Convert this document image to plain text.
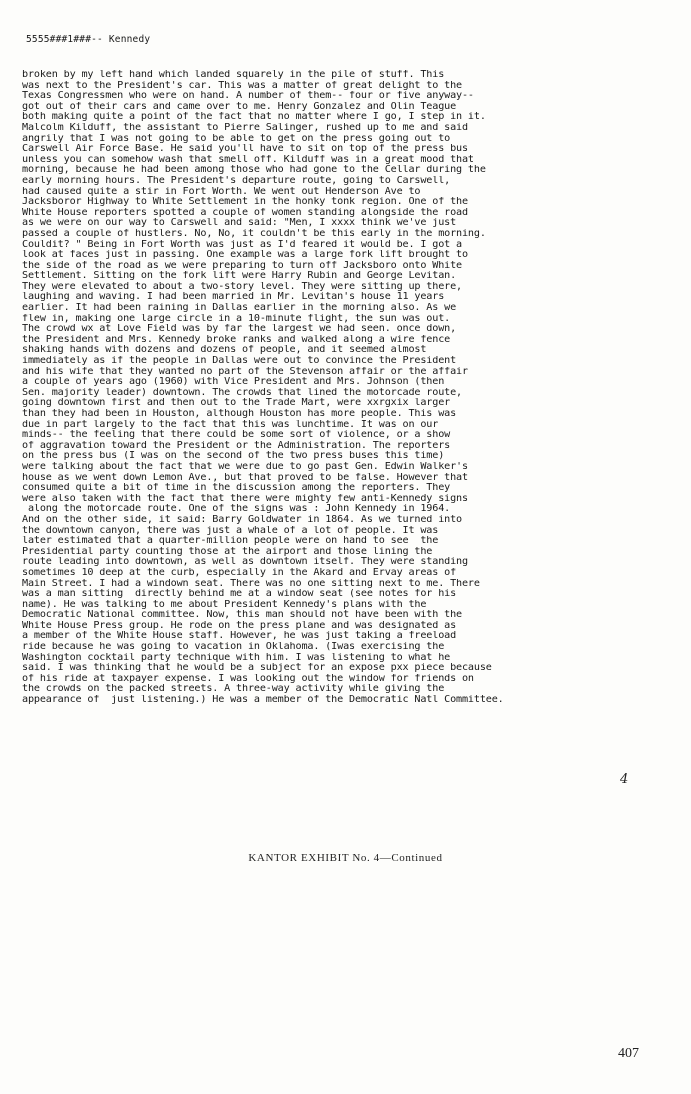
5555###1###-- Kennedy
broken by my left hand which landed squarely in the pile of stuff. This
was next to the President's car. This was a matter of great delight to the
Texas Congressmen who were on hand. A number of them-- four or five anyway--
got out of their cars and came over to me. Henry Gonzalez and Olin Teague
both making quite a point of the fact that no matter where I go, I step in it.
Malcolm Kilduff, the assistant to Pierre Salinger, rushed up to me and said
angrily that I was not going to be able to get on the press going out to
Carswell Air Force Base. He said you'll have to sit on top of the press bus
unless you can somehow wash that smell off. Kilduff was in a great mood that
morning, because he had been among those who had gone to the Cellar during the
early morning hours. The President's departure route, going to Carswell,
had caused quite a stir in Fort Worth. We went out Henderson Ave to
Jacksboror Highway to White Settlement in the honky tonk region. One of the
White House reporters spotted a couple of women standing alongside the road
as we were on our way to Carswell and said: "Men, I xxxx think we've just
passed a couple of hustlers. No, No, it couldn't be this early in the morning.
Couldit? " Being in Fort Worth was just as I'd feared it would be. I got a
look at faces just in passing. One example was a large fork lift brought to
the side of the road as we were preparing to turn off Jacksboro onto White
Settlement. Sitting on the fork lift were Harry Rubin and George Levitan.
They were elevated to about a two-story level. They were sitting up there,
laughing and waving. I had been married in Mr. Levitan's house 11 years
earlier. It had been raining in Dallas earlier in the morning also. As we
flew in, making one large circle in a 10-minute flight, the sun was out.
The crowd wx at Love Field was by far the largest we had seen. once down,
the President and Mrs. Kennedy broke ranks and walked along a wire fence
shaking hands with dozens and dozens of people, and it seemed almost
immediately as if the people in Dallas were out to convince the President
and his wife that they wanted no part of the Stevenson affair or the affair
a couple of years ago (1960) with Vice President and Mrs. Johnson (then
Sen. majority leader) downtown. The crowds that lined the motorcade route,
going downtown first and then out to the Trade Mart, were xxrgxix larger
than they had been in Houston, although Houston has more people. This was
due in part largely to the fact that this was lunchtime. It was on our
minds-- the feeling that there could be some sort of violence, or a show
of aggravation toward the President or the Administration. The reporters
on the press bus (I was on the second of the two press buses this time)
were talking about the fact that we were due to go past Gen. Edwin Walker's
house as we went down Lemon Ave., but that proved to be false. However that
consumed quite a bit of time in the discussion among the reporters. They
were also taken with the fact that there were mighty few anti-Kennedy signs
along the motorcade route. One of the signs was : John Kennedy in 1964.
And on the other side, it said: Barry Goldwater in 1864. As we turned into
the downtown canyon, there was just a whale of a lot of people. It was
later estimated that a quarter-million people were on hand to see  the
Presidential party counting those at the airport and those lining the
route leading into downtown, as well as downtown itself. They were standing
sometimes 10 deep at the curb, especially in the Akard and Ervay areas of
Main Street. I had a windown seat. There was no one sitting next to me. There
was a man sitting  directly behind me at a window seat (see notes for his
name). He was talking to me about President Kennedy's plans with the
Democratic National committee. Now, this man should not have been with the
White House Press group. He rode on the press plane and was designated as
a member of the White House staff. However, he was just taking a freeload
ride because he was going to vacation in Oklahoma. (Iwas exercising the
Washington cocktail party technique with him. I was listening to what he
said. I was thinking that he would be a subject for an expose pxx piece because
of his ride at taxpayer expense. I was looking out the window for friends on
the crowds on the packed streets. A three-way activity while giving the
appearance of  just listening.) He was a member of the Democratic Natl Committee.
4
KANTOR EXHIBIT No. 4—Continued
407
